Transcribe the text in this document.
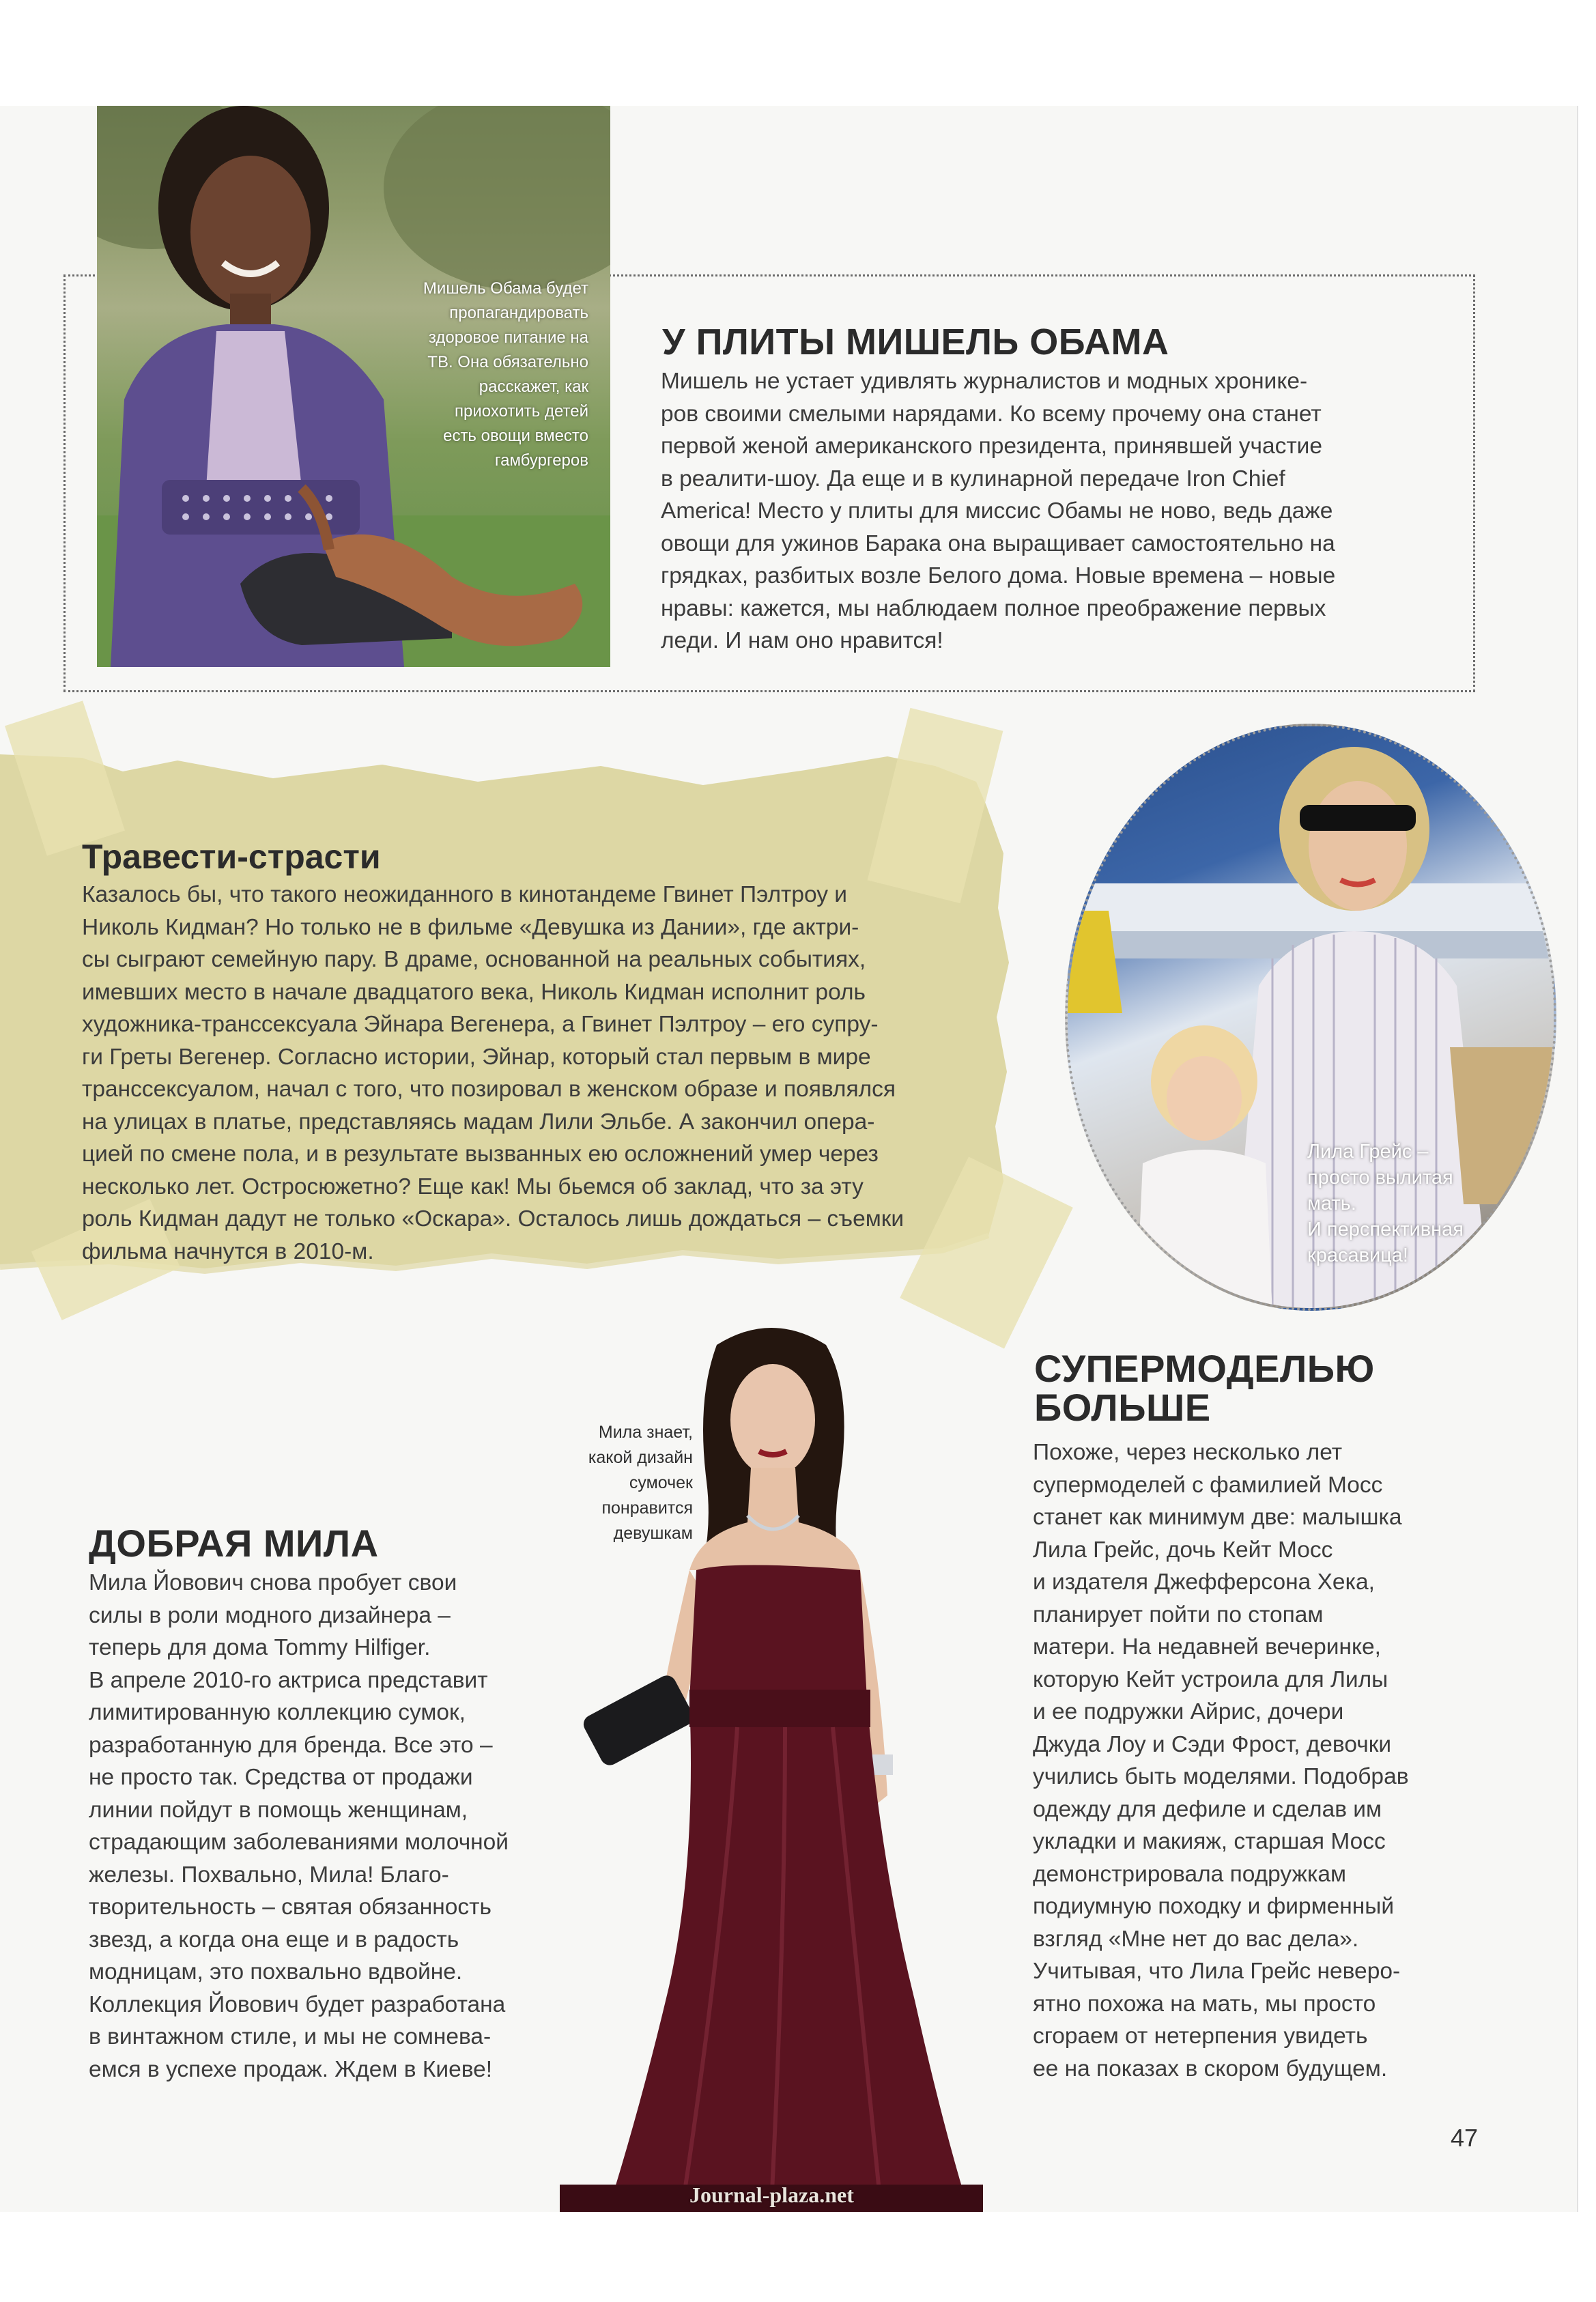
Мишель Обама будет
пропагандировать
здоровое питание на
ТВ. Она обязательно
расскажет, как
приохотить детей
есть овощи вместо
гамбургеров
У ПЛИТЫ МИШЕЛЬ ОБАМА
Мишель не устает удивлять журналистов и модных хронике-
ров своими смелыми нарядами. Ко всему прочему она станет
первой женой американского президента, принявшей участие
в реалити-шоу. Да еще и в кулинарной передаче Iron Chief
America! Место у плиты для миссис Обамы не ново, ведь даже
овощи для ужинов Барака она выращивает самостоятельно на
грядках, разбитых возле Белого дома. Новые времена – новые
нравы: кажется, мы наблюдаем полное преображение первых
леди. И нам оно нравится!
Травести-страсти
Казалось бы, что такого неожиданного в кинотандеме Гвинет Пэлтроу и
Николь Кидман? Но только не в фильме «Девушка из Дании», где актри-
сы сыграют семейную пару. В драме, основанной на реальных событиях,
имевших место в начале двадцатого века, Николь Кидман исполнит роль
художника-транссексуала Эйнара Вегенера, а Гвинет Пэлтроу – его супру-
ги Греты Вегенер. Согласно истории, Эйнар, который стал первым в мире
транссексуалом, начал с того, что позировал в женском образе и появлялся
на улицах в платье, представляясь мадам Лили Эльбе. А закончил опера-
цией по смене пола, и в результате вызванных ею осложнений умер через
несколько лет. Остросюжетно? Еще как! Мы бьемся об заклад, что за эту
роль Кидман дадут не только «Оскара». Осталось лишь дождаться – съемки
фильма начнутся в 2010-м.
Лила Грейс –
просто вылитая
мать.
И перспективная
красавица!
СУПЕРМОДЕЛЬЮ
БОЛЬШЕ
Похоже, через несколько лет
супермоделей с фамилией Мосс
станет как минимум две: малышка
Лила Грейс, дочь Кейт Мосс
и издателя Джефферсона Хека,
планирует пойти по стопам
матери. На недавней вечеринке,
которую Кейт устроила для Лилы
и ее подружки Айрис, дочери
Джуда Лоу и Сэди Фрост, девочки
учились быть моделями. Подобрав
одежду для дефиле и сделав им
укладки и макияж, старшая Мосс
демонстрировала подружкам
подиумную походку и фирменный
взгляд «Мне нет до вас дела».
Учитывая, что Лила Грейс неверо-
ятно похожа на мать, мы просто
сгораем от нетерпения увидеть
ее на показах в скором будущем.
Мила знает,
какой дизайн
сумочек
понравится
девушкам
ДОБРАЯ МИЛА
Мила Йовович снова пробует свои
силы в роли модного дизайнера –
теперь для дома Tommy Hilfiger.
В апреле 2010-го актриса представит
лимитированную коллекцию сумок,
разработанную для бренда. Все это –
не просто так. Средства от продажи
линии пойдут в помощь женщинам,
страдающим заболеваниями молочной
железы. Похвально, Мила! Благо-
творительность – святая обязанность
звезд, а когда она еще и в радость
модницам, это похвально вдвойне.
Коллекция Йовович будет разработана
в винтажном стиле, и мы не сомнева-
емся в успехе продаж. Ждем в Киеве!
47
Journal-plaza.net
